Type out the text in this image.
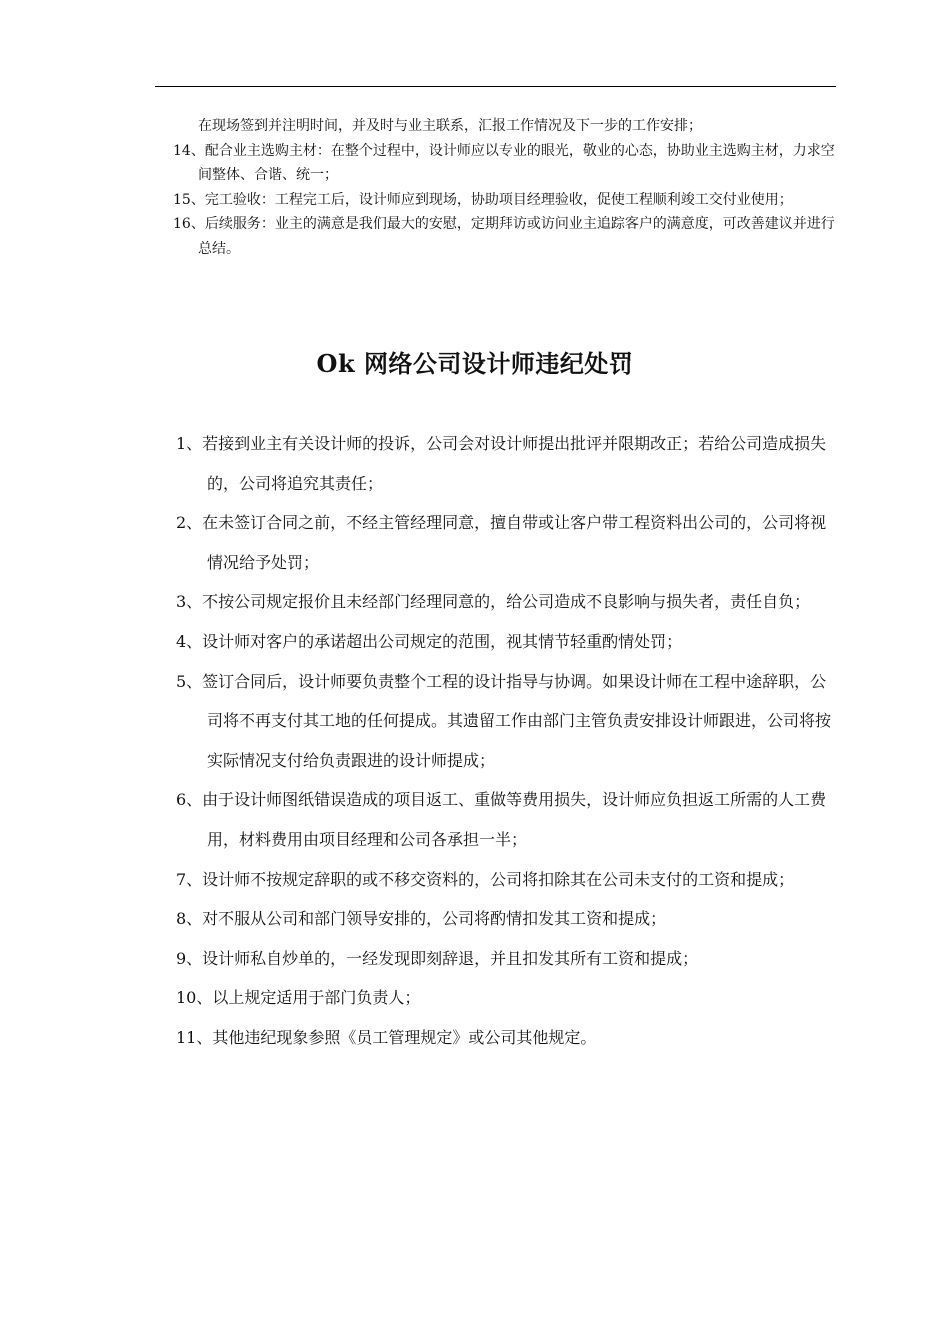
在现场签到并注明时间，并及时与业主联系，汇报工作情况及下一步的工作安排；
14、配合业主选购主材：在整个过程中，设计师应以专业的眼光，敬业的心态，协助业主选购主材，力求空间整体、合谐、统一；
15、完工验收：工程完工后，设计师应到现场，协助项目经理验收，促使工程顺利竣工交付业使用；
16、后续服务：业主的满意是我们最大的安慰，定期拜访或访问业主追踪客户的满意度，可改善建议并进行总结。
Ok 网络公司设计师违纪处罚
1、若接到业主有关设计师的投诉，公司会对设计师提出批评并限期改正；若给公司造成损失的，公司将追究其责任；
2、在未签订合同之前，不经主管经理同意，擅自带或让客户带工程资料出公司的，公司将视情况给予处罚；
3、不按公司规定报价且未经部门经理同意的，给公司造成不良影响与损失者，责任自负；
4、设计师对客户的承诺超出公司规定的范围，视其情节轻重酌情处罚；
5、签订合同后，设计师要负责整个工程的设计指导与协调。如果设计师在工程中途辞职，公司将不再支付其工地的任何提成。其遗留工作由部门主管负责安排设计师跟进，公司将按实际情况支付给负责跟进的设计师提成；
6、由于设计师图纸错误造成的项目返工、重做等费用损失，设计师应负担返工所需的人工费用，材料费用由项目经理和公司各承担一半；
7、设计师不按规定辞职的或不移交资料的，公司将扣除其在公司未支付的工资和提成；
8、对不服从公司和部门领导安排的，公司将酌情扣发其工资和提成；
9、设计师私自炒单的，一经发现即刻辞退，并且扣发其所有工资和提成；
10、以上规定适用于部门负责人；
11、其他违纪现象参照《员工管理规定》或公司其他规定。
